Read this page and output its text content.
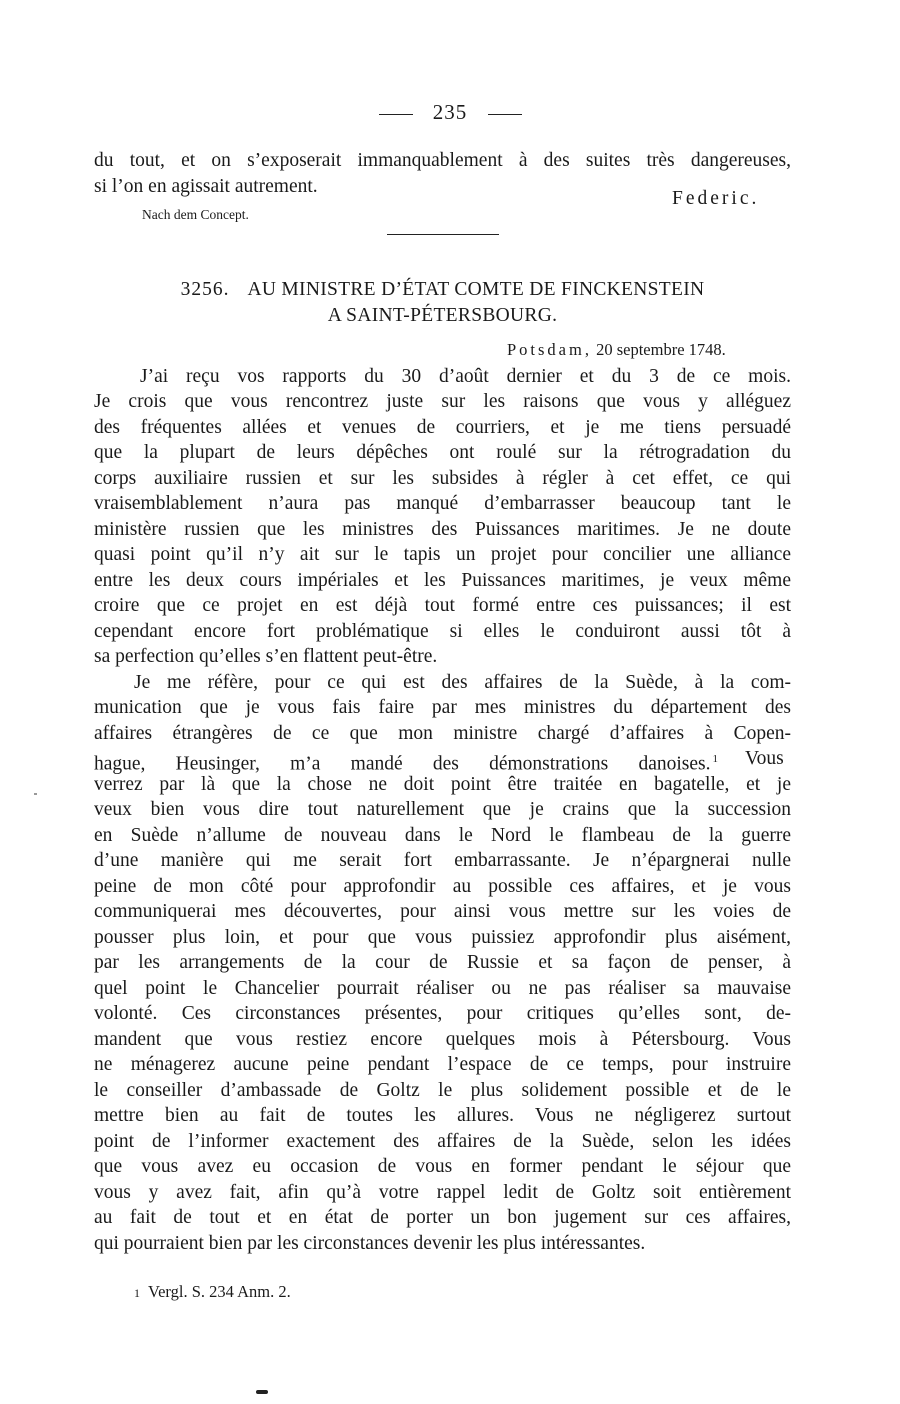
235
du tout, et on s’exposerait immanquablement à des suites très dangereuses,
si l’on en agissait autrement.
Federic.
Nach dem Concept.
3256. AU MINISTRE D’ÉTAT COMTE DE FINCKENSTEIN
A SAINT-PÉTERSBOURG.
Potsdam, 20 septembre 1748.
J’ai reçu vos rapports du 30 d’août dernier et du 3 de ce mois.
Je crois que vous rencontrez juste sur les raisons que vous y alléguez
des fréquentes allées et venues de courriers, et je me tiens persuadé
que la plupart de leurs dépêches ont roulé sur la rétrogradation du
corps auxiliaire russien et sur les subsides à régler à cet effet, ce qui
vraisemblablement n’aura pas manqué d’embarrasser beaucoup tant le
ministère russien que les ministres des Puissances maritimes. Je ne doute
quasi point qu’il n’y ait sur le tapis un projet pour concilier une alliance
entre les deux cours impériales et les Puissances maritimes, je veux même
croire que ce projet en est déjà tout formé entre ces puissances; il est
cependant encore fort problématique si elles le conduiront aussi tôt à
sa perfection qu’elles s’en flattent peut-être.
Je me réfère, pour ce qui est des affaires de la Suède, à la com-
munication que je vous fais faire par mes ministres du département des
affaires étrangères de ce que mon ministre chargé d’affaires à Copen-
hague, Heusinger, m’a mandé des démonstrations danoises. $^1$ Vous
verrez par là que la chose ne doit point être traitée en bagatelle, et je
veux bien vous dire tout naturellement que je crains que la succession
en Suède n’allume de nouveau dans le Nord le flambeau de la guerre
d’une manière qui me serait fort embarrassante. Je n’épargnerai nulle
peine de mon côté pour approfondir au possible ces affaires, et je vous
communiquerai mes découvertes, pour ainsi vous mettre sur les voies de
pousser plus loin, et pour que vous puissiez approfondir plus aisément,
par les arrangements de la cour de Russie et sa façon de penser, à
quel point le Chancelier pourrait réaliser ou ne pas réaliser sa mauvaise
volonté. Ces circonstances présentes, pour critiques qu’elles sont, de-
mandent que vous restiez encore quelques mois à Pétersbourg. Vous
ne ménagerez aucune peine pendant l’espace de ce temps, pour instruire
le conseiller d’ambassade de Goltz le plus solidement possible et de le
mettre bien au fait de toutes les allures. Vous ne négligerez surtout
point de l’informer exactement des affaires de la Suède, selon les idées
que vous avez eu occasion de vous en former pendant le séjour que
vous y avez fait, afin qu’à votre rappel ledit de Goltz soit entièrement
au fait de tout et en état de porter un bon jugement sur ces affaires,
qui pourraient bien par les circonstances devenir les plus intéressantes.
1 Vergl. S. 234 Anm. 2.
